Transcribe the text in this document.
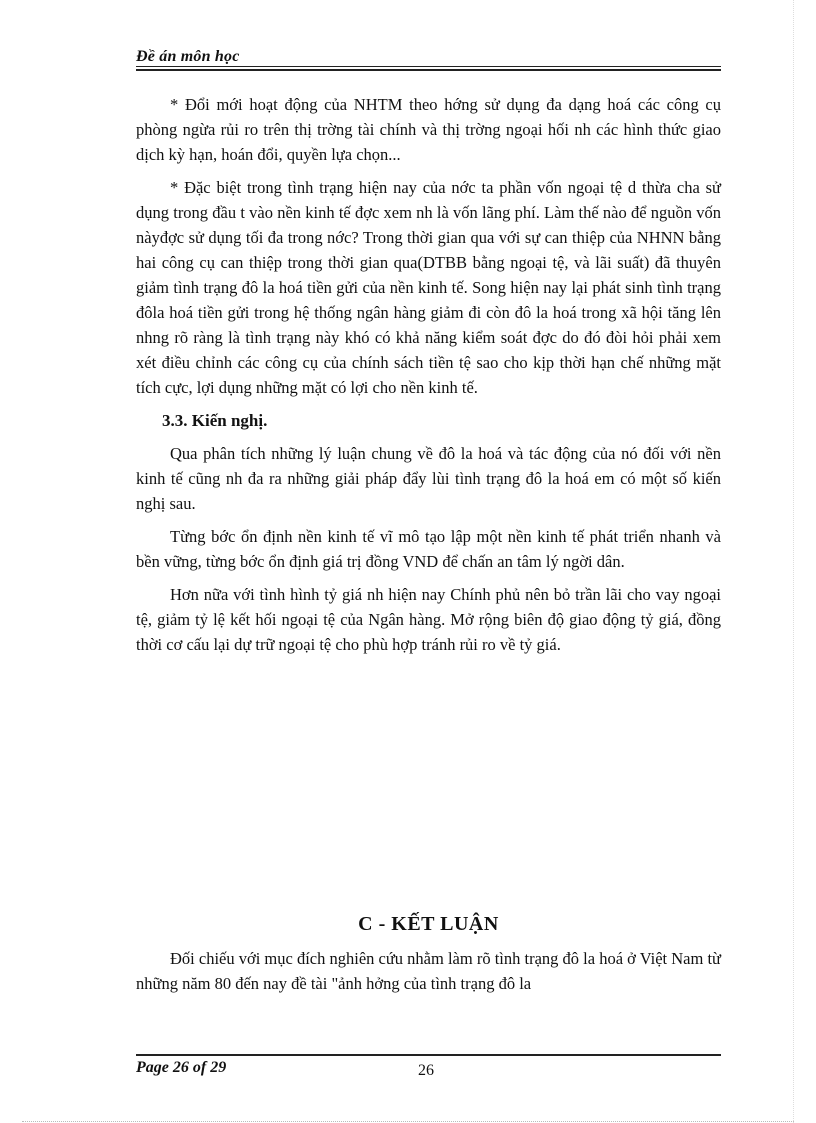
Đề án môn học

* Đổi mới hoạt động của NHTM theo hớng sử dụng đa dạng hoá các công cụ phòng ngừa rủi ro trên thị trờng tài chính và thị trờng ngoại hối nh các hình thức giao dịch kỳ hạn, hoán đổi, quyền lựa chọn...

* Đặc biệt trong tình trạng hiện nay của nớc ta phần vốn ngoại tệ d thừa cha sử dụng trong đầu t vào nền kinh tế đợc xem nh là vốn lãng phí. Làm thế nào để nguồn vốn nàyđợc sử dụng tối đa trong nớc? Trong thời gian qua với sự can thiệp của NHNN bằng hai công cụ can thiệp trong thời gian qua(DTBB bằng ngoại tệ, và lãi suất) đã thuyên giảm tình trạng đô la hoá tiền gửi của nền kinh tế. Song hiện nay lại phát sinh tình trạng đôla hoá tiền gửi trong hệ thống ngân hàng giảm đi còn đô la hoá trong xã hội tăng lên nhng rõ ràng là tình trạng này khó có khả năng kiểm soát đợc do đó đòi hỏi phải xem xét điều chỉnh các công cụ của chính sách tiền tệ sao cho kịp thời hạn chế những mặt tích cực, lợi dụng những mặt có lợi cho nền kinh tế.

3.3. Kiến nghị.

Qua phân tích những lý luận chung về đô la hoá và tác động của nó đối với nền kinh tế cũng nh đa ra những giải pháp đẩy lùi tình trạng đô la hoá em có một số kiến nghị sau.

Từng bớc ổn định nền kinh tế vĩ mô tạo lập một nền kinh tế phát triển nhanh và bền vững, từng bớc ổn định giá trị đồng VND để chấn an tâm lý ngời dân.

Hơn nữa với tình hình tỷ giá nh hiện nay Chính phủ nên bỏ trần lãi cho vay ngoại tệ, giảm tỷ lệ kết hối ngoại tệ của Ngân hàng. Mở rộng biên độ giao động tỷ giá, đồng thời cơ cấu lại dự trữ ngoại tệ cho phù hợp tránh rủi ro về tỷ giá.

C - KẾT LUẬN

Đối chiếu với mục đích nghiên cứu nhằm làm rõ tình trạng đô la hoá ở Việt Nam từ những năm 80 đến nay đề tài "ảnh hởng của tình trạng đô la

Page 26 of 29	26
